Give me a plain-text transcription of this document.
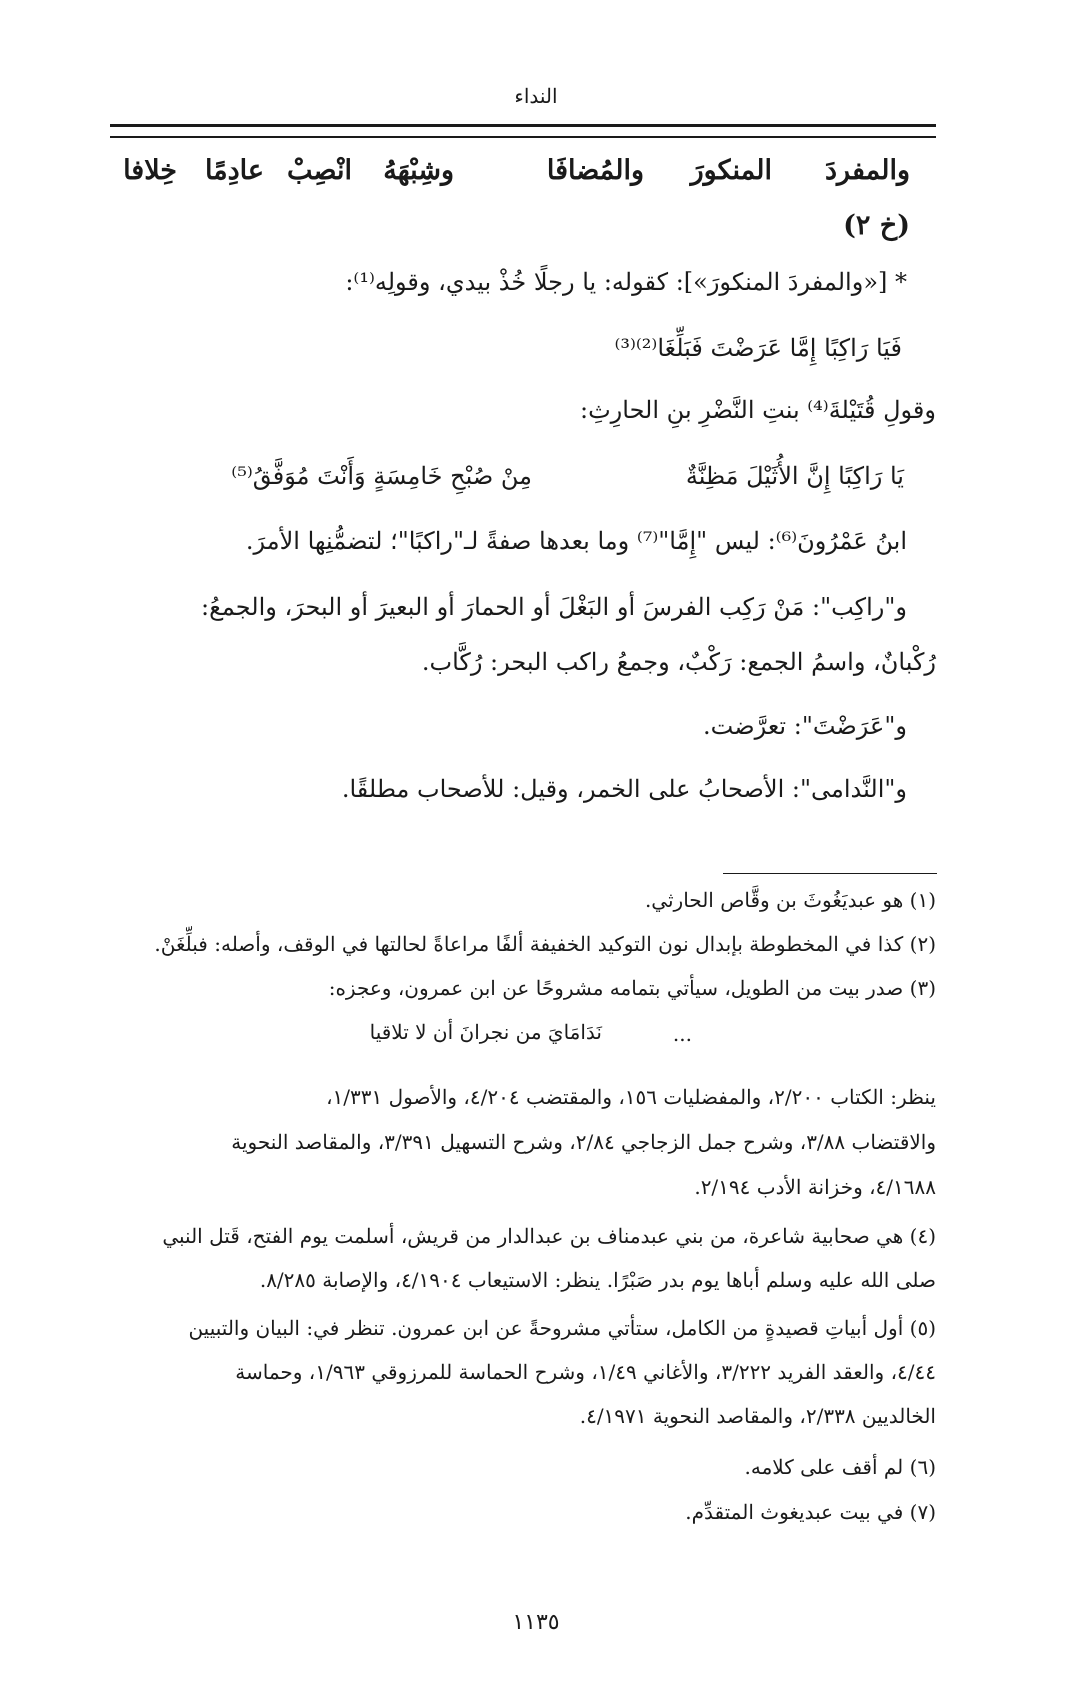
النداء
والمفردَ
المنكورَ
والمُضافَا
وشِبْهَهُ
انْصِبْ
عادِمًا
خِلافا
(خ ٢)
* [«والمفردَ المنكورَ»]: كقوله: يا رجلًا خُذْ بيدي، وقولِه⁽¹⁾:
فَيَا رَاكِبًا إِمَّا عَرَضْتَ فَبَلِّغَا⁽²⁾⁽³⁾
وقولِ قُتَيْلةَ⁽⁴⁾ بنتِ النَّضْرِ بنِ الحارِثِ:
يَا رَاكِبًا إِنَّ الأُثَيْلَ مَظِنَّةٌ
مِنْ صُبْحِ خَامِسَةٍ وَأَنْتَ مُوَفَّقُ⁽⁵⁾
ابنُ عَمْرُونَ⁽⁶⁾: ليس "إِمَّا"⁽⁷⁾ وما بعدها صفةً لـ"راكبًا"؛ لتضمُّنِها الأمرَ.
و"راكِب": مَنْ رَكِب الفرسَ أو البَغْلَ أو الحمارَ أو البعيرَ أو البحرَ، والجمعُ:
رُكْبانٌ، واسمُ الجمع: رَكْبٌ، وجمعُ راكب البحر: رُكَّاب.
و"عَرَضْتَ": تعرَّضت.
و"النَّدامى": الأصحابُ على الخمر، وقيل: للأصحاب مطلقًا.
(١) هو عبديَغُوثَ بن وقَّاص الحارثي.
(٢) كذا في المخطوطة بإبدال نون التوكيد الخفيفة ألفًا مراعاةً لحالتها في الوقف، وأصله: فبلِّغَنْ.
(٣) صدر بيت من الطويل، سيأتي بتمامه مشروحًا عن ابن عمرون، وعجزه:
...
نَدَامَايَ من نجرانَ أن لا تلاقيا
ينظر: الكتاب ٢/٢٠٠، والمفضليات ١٥٦، والمقتضب ٤/٢٠٤، والأصول ١/٣٣١،
والاقتضاب ٣/٨٨، وشرح جمل الزجاجي ٢/٨٤، وشرح التسهيل ٣/٣٩١، والمقاصد النحوية
٤/١٦٨٨، وخزانة الأدب ٢/١٩٤.
(٤) هي صحابية شاعرة، من بني عبدمناف بن عبدالدار من قريش، أسلمت يوم الفتح، قَتل النبي
صلى الله عليه وسلم أباها يوم بدر صَبْرًا. ينظر: الاستيعاب ٤/١٩٠٤، والإصابة ٨/٢٨٥.
(٥) أول أبياتِ قصيدةٍ من الكامل، ستأتي مشروحةً عن ابن عمرون. تنظر في: البيان والتبيين
٤/٤٤، والعقد الفريد ٣/٢٢٢، والأغاني ١/٤٩، وشرح الحماسة للمرزوقي ١/٩٦٣، وحماسة
الخالديين ٢/٣٣٨، والمقاصد النحوية ٤/١٩٧١.
(٦) لم أقف على كلامه.
(٧) في بيت عبديغوث المتقدِّم.
١١٣٥
